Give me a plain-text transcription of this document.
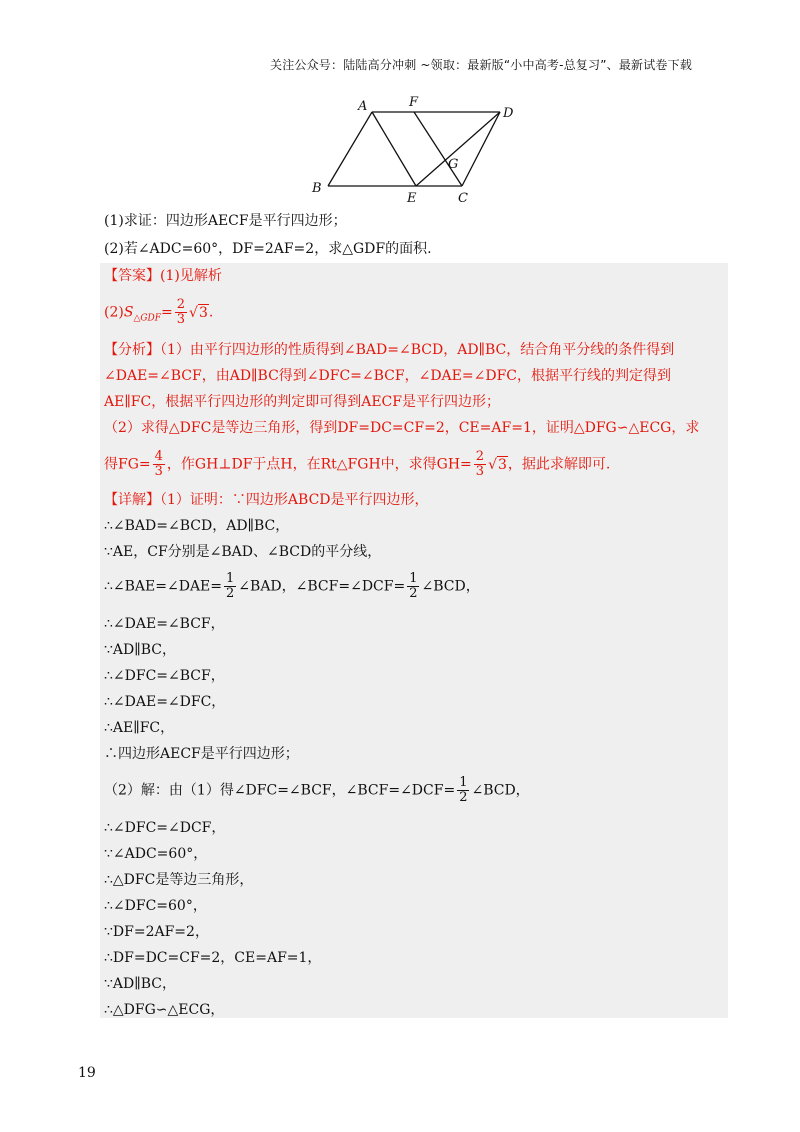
关注公众号：陆陆高分冲刺 ~领取：最新版“小中高考-总复习”、最新试卷下载
A	F
D
B
E	C
G
(1)求证：四边形AECF是平行四边形；
(2)若∠ADC=60°，DF=2AF=2，求△GDF的面积.
【答案】(1)见解析
$(2)S_{\triangle GDF}= \frac{2}{3} √3$.
【分析】（1）由平行四边形的性质得到∠BAD=∠BCD，AD∥BC，结合角平分线的条件得到
∠DAE=∠BCF，由AD∥BC得到∠DFC=∠BCF，∠DAE=∠DFC，根据平行线的判定得到
AE∥FC，根据平行四边形的判定即可得到AECF是平行四边形；
（2）求得△DFC是等边三角形，得到DF=DC=CF=2，CE=AF=1，证明△DFG∽△ECG，求
得$FG= \frac{4}{3}$ ，作GH⊥DF于点H，在Rt△FGH中，求得$GH= \frac{2}{3} √3$，据此求解即可.
【详解】（1）证明：∵四边形ABCD是平行四边形，
∴∠BAD=∠BCD，AD∥BC，
∵AE，CF分别是∠BAD、∠BCD的平分线，
∴∠BAE=∠DAE= $\frac{1}{2}$ ∠BAD，∠BCF=∠DCF= $\frac{1}{2}$ ∠BCD，
∴∠DAE=∠BCF，
∵AD∥BC，
∴∠DFC=∠BCF，
∴∠DAE=∠DFC，
∴AE∥FC，
∴四边形AECF是平行四边形；
（2）解：由（1）得∠DFC=∠BCF，∠BCF=∠DCF= $\frac{1}{2}$ ∠BCD，
∴∠DFC=∠DCF，
∵∠ADC=60°，
∴△DFC是等边三角形，
∴∠DFC=60°，
∵DF=2AF=2，
∴DF=DC=CF=2，CE=AF=1，
∵AD∥BC，
∴△DFG∽△ECG，
19
